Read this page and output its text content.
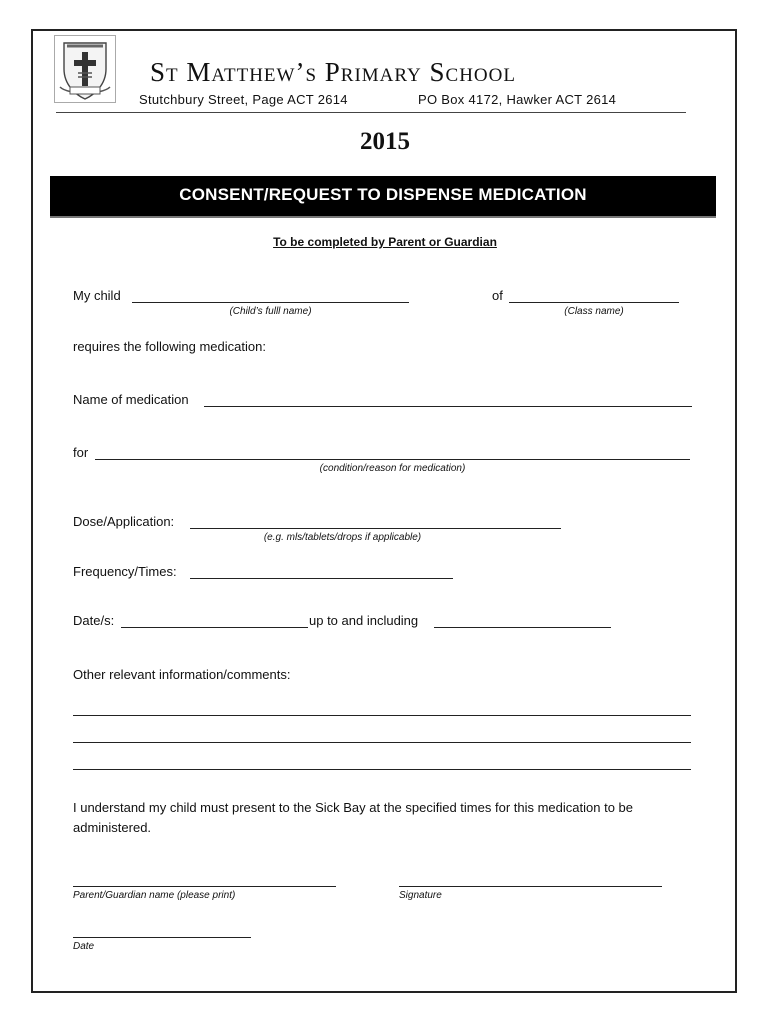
St Matthew’s Primary School
Stutchbury Street, Page ACT 2614	PO Box 4172, Hawker ACT 2614
2015
CONSENT/REQUEST TO DISPENSE MEDICATION
To be completed by Parent or Guardian
My child
(Child’s fulll name)
of
(Class name)
requires the following medication:
Name of medication
for
(condition/reason for medication)
Dose/Application:
(e.g. mls/tablets/drops if applicable)
Frequency/Times:
Date/s:	up to and including
Other relevant information/comments:
I understand my child must present to the Sick Bay at the specified times for this medication to be administered.
Parent/Guardian name (please print)	Signature
Date
